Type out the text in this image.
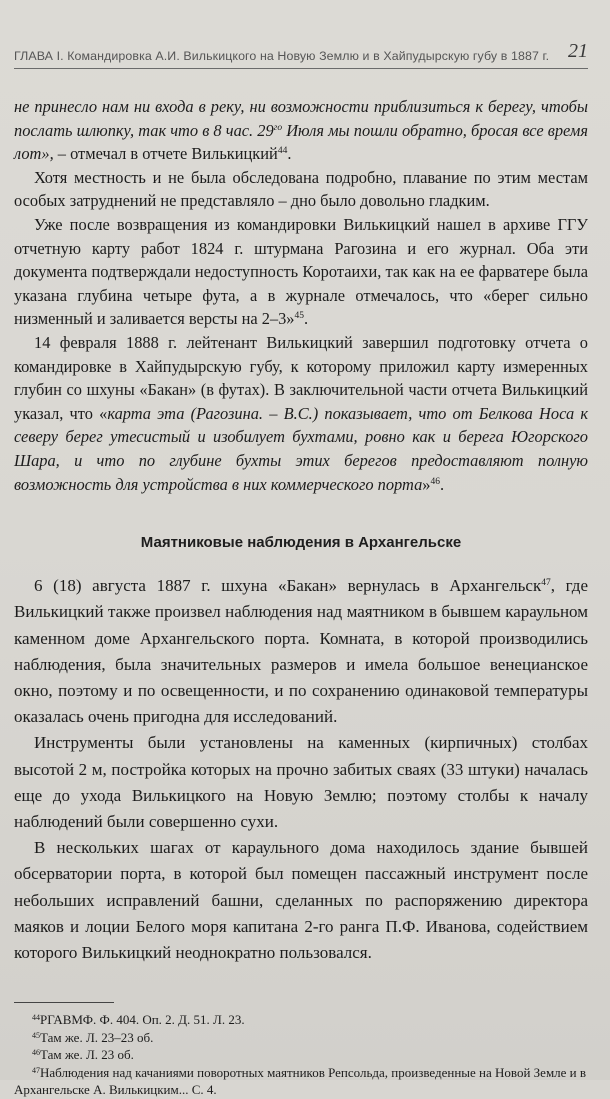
ГЛАВА I. Командировка А.И. Вилькицкого на Новую Землю и в Хайпудырскую губу в 1887 г. 21

не принесло нам ни входа в реку, ни возможности приблизиться к берегу, чтобы послать шлюпку, так что в 8 час. $29^{го}$ Июля мы пошли обратно, бросая все время лот», – отмечал в отчете Вилькицкий$^{44}$.

Хотя местность и не была обследована подробно, плавание по этим местам особых затруднений не представляло – дно было довольно гладким.

Уже после возвращения из командировки Вилькицкий нашел в архиве ГГУ отчетную карту работ 1824 г. штурмана Рагозина и его журнал. Оба эти документа подтверждали недоступность Коротаихи, так как на ее фарватере была указана глубина четыре фута, а в журнале отмечалось, что «берег сильно низменный и заливается версты на 2–3»$^{45}$.

14 февраля 1888 г. лейтенант Вилькицкий завершил подготовку отчета о командировке в Хайпудырскую губу, к которому приложил карту измеренных глубин со шхуны «Бакан» (в футах). В заключительной части отчета Вилькицкий указал, что «карта эта (Рагозина. – В.С.) показывает, что от Белкова Носа к северу берег утесистый и изобилует бухтами, ровно как и берега Югорского Шара, и что по глубине бухты этих берегов предоставляют полную возможность для устройства в них коммерческого порта»$^{46}$.

Маятниковые наблюдения в Архангельске

6 (18) августа 1887 г. шхуна «Бакан» вернулась в Архангельск$^{47}$, где Вилькицкий также произвел наблюдения над маятником в бывшем караульном каменном доме Архангельского порта. Комната, в которой производились наблюдения, была значительных размеров и имела большое венецианское окно, поэтому и по освещенности, и по сохранению одинаковой температуры оказалась очень пригодна для исследований.

Инструменты были установлены на каменных (кирпичных) столбах высотой 2 м, постройка которых на прочно забитых сваях (33 штуки) началась еще до ухода Вилькицкого на Новую Землю; поэтому столбы к началу наблюдений были совершенно сухи.

В нескольких шагах от караульного дома находилось здание бывшей обсерватории порта, в которой был помещен пассажный инструмент после небольших исправлений башни, сделанных по распоряжению директора маяков и лоции Белого моря капитана 2-го ранга П.Ф. Иванова, содействием которого Вилькицкий неоднократно пользовался.

$^{44}$РГАВМФ. Ф. 404. Оп. 2. Д. 51. Л. 23.

$^{45}$Там же. Л. 23–23 об.

$^{46}$Там же. Л. 23 об.

$^{47}$Наблюдения над качаниями поворотных маятников Репсольда, произведенные на Новой Земле и в Архангельске А. Вилькицким... С. 4.
